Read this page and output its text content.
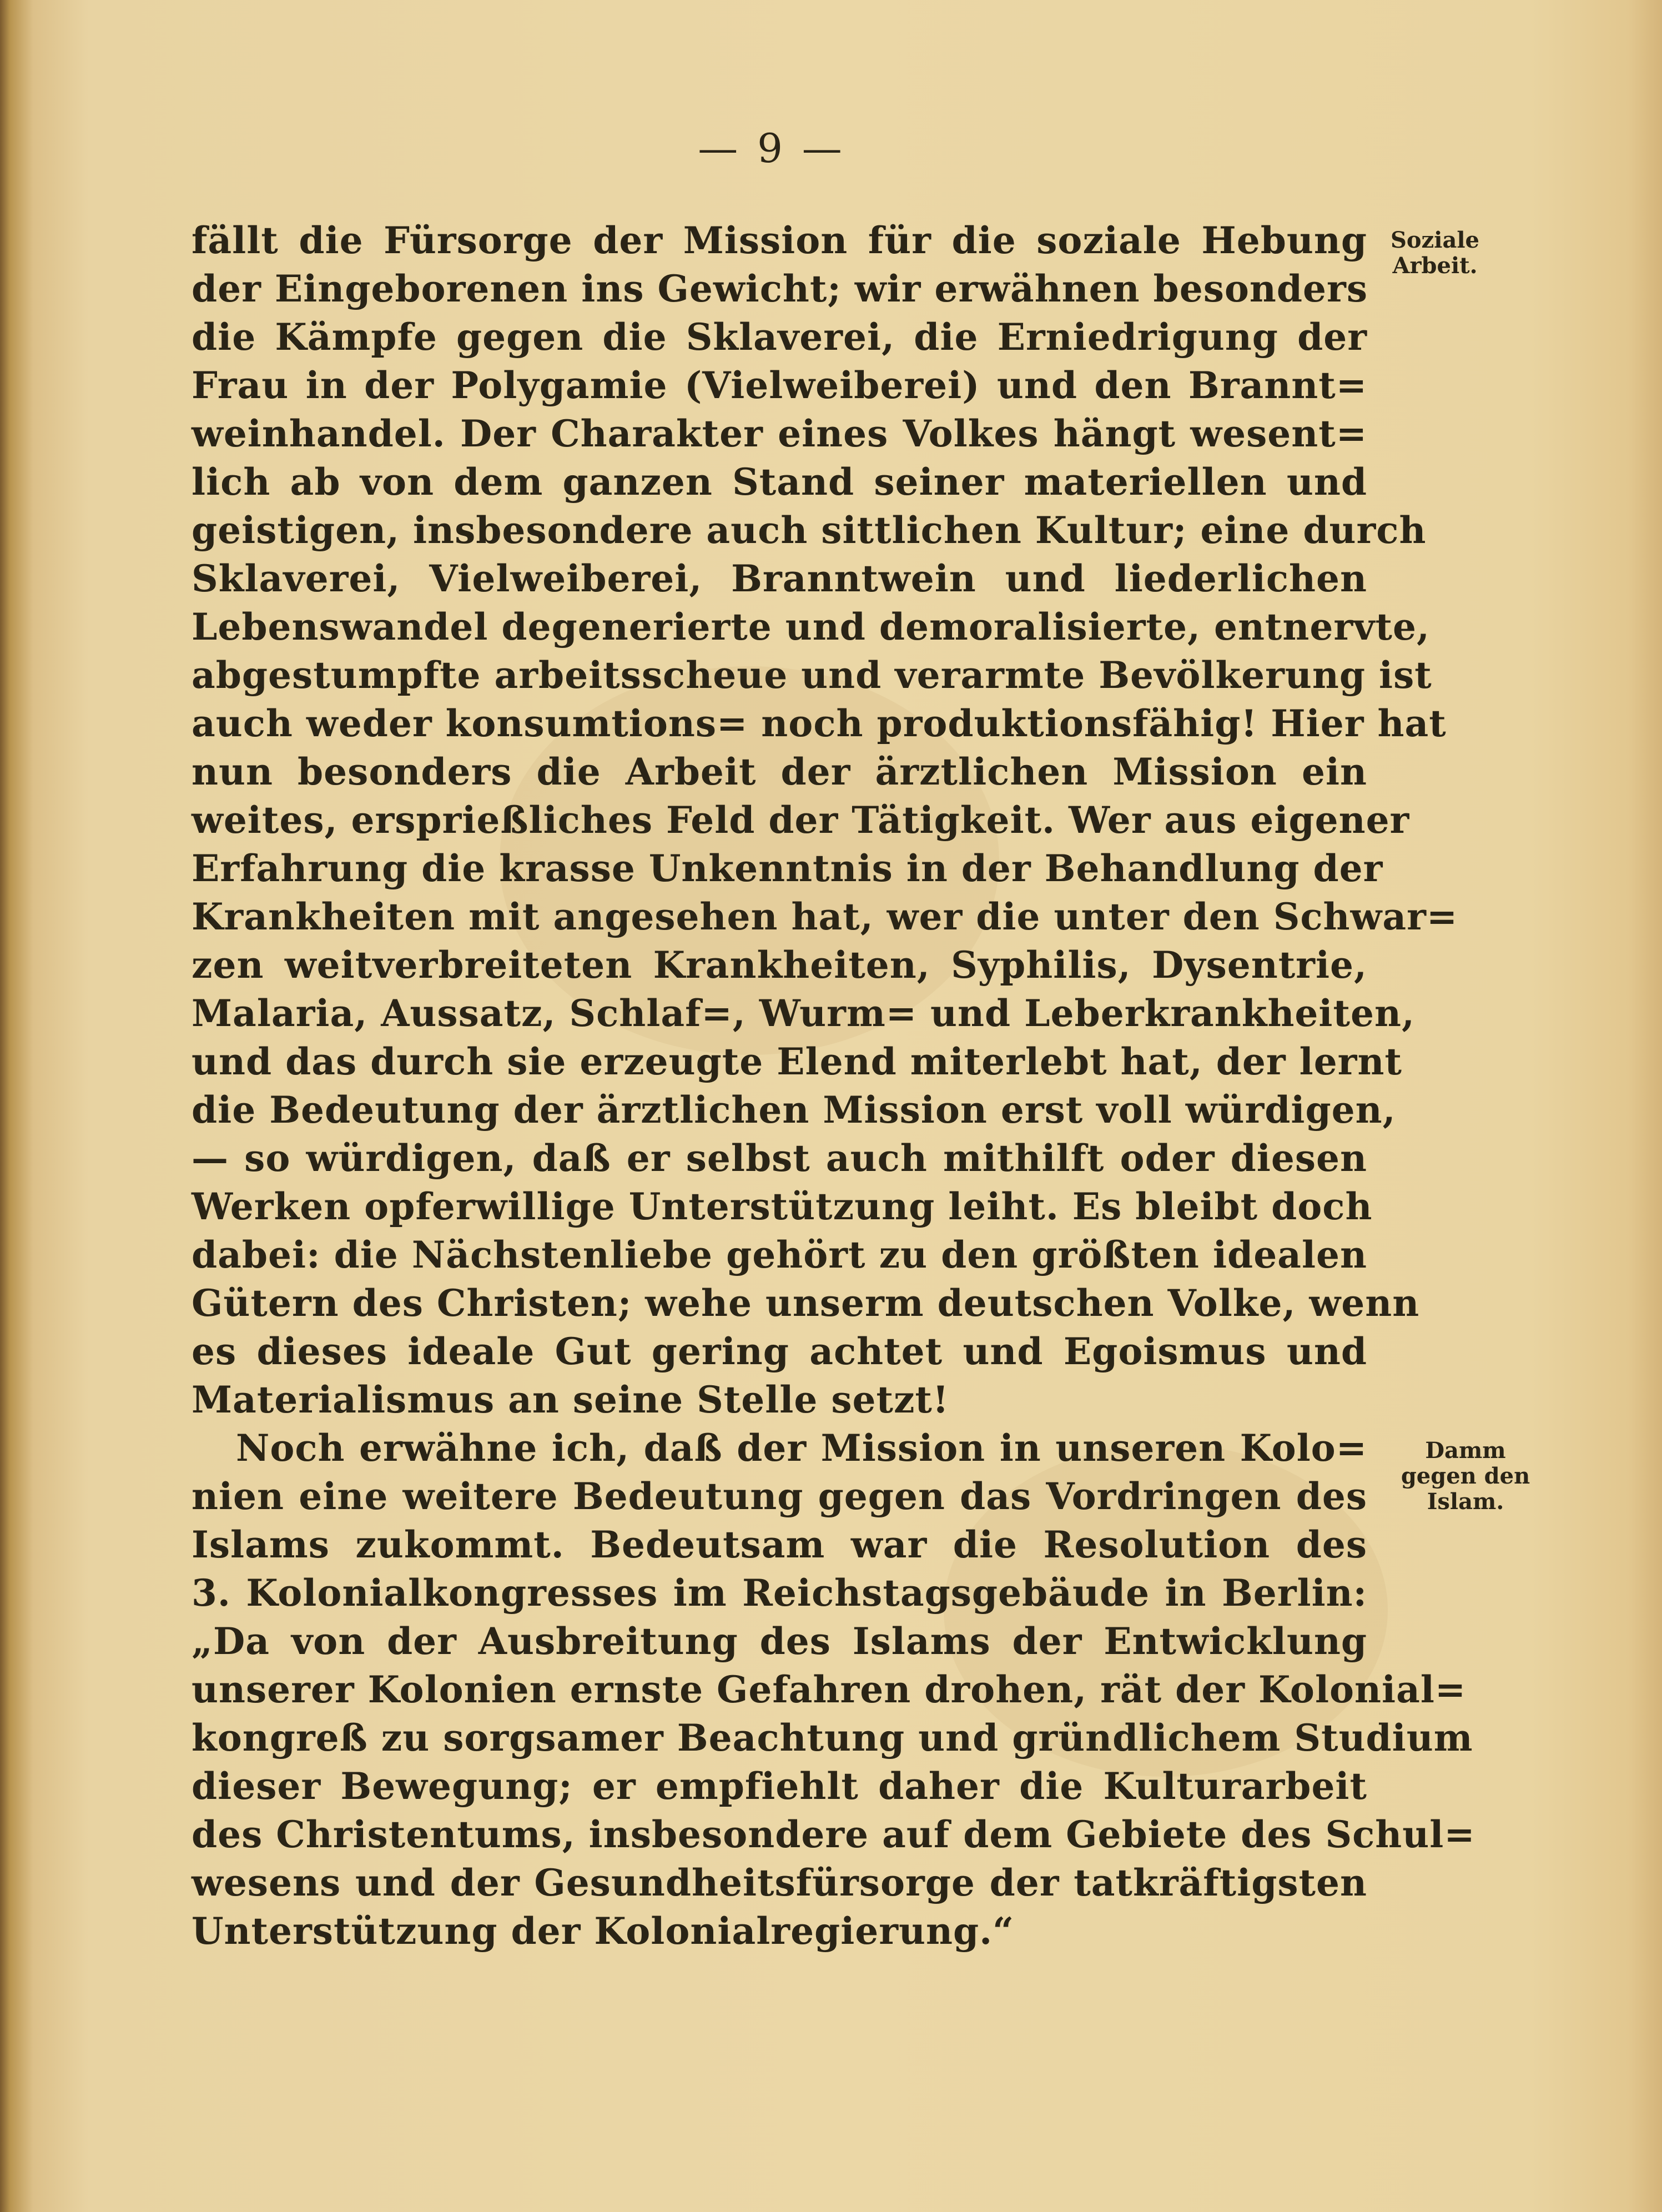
— 9 —
fällt die Fürsorge der Mission für die soziale Hebung
der Eingeborenen ins Gewicht; wir erwähnen besonders
die Kämpfe gegen die Sklaverei, die Erniedrigung der
Frau in der Polygamie (Vielweiberei) und den Brannt=
weinhandel. Der Charakter eines Volkes hängt wesent=
lich ab von dem ganzen Stand seiner materiellen und
geistigen, insbesondere auch sittlichen Kultur; eine durch
Sklaverei, Vielweiberei, Branntwein und liederlichen
Lebenswandel degenerierte und demoralisierte, entnervte,
abgestumpfte arbeitsscheue und verarmte Bevölkerung ist
auch weder konsumtions= noch produktionsfähig! Hier hat
nun besonders die Arbeit der ärztlichen Mission ein
weites, ersprießliches Feld der Tätigkeit. Wer aus eigener
Erfahrung die krasse Unkenntnis in der Behandlung der
Krankheiten mit angesehen hat, wer die unter den Schwar=
zen weitverbreiteten Krankheiten, Syphilis, Dysentrie,
Malaria, Aussatz, Schlaf=, Wurm= und Leberkrankheiten,
und das durch sie erzeugte Elend miterlebt hat, der lernt
die Bedeutung der ärztlichen Mission erst voll würdigen,
— so würdigen, daß er selbst auch mithilft oder diesen
Werken opferwillige Unterstützung leiht. Es bleibt doch
dabei: die Nächstenliebe gehört zu den größten idealen
Gütern des Christen; wehe unserm deutschen Volke, wenn
es dieses ideale Gut gering achtet und Egoismus und
Materialismus an seine Stelle setzt!
Noch erwähne ich, daß der Mission in unseren Kolo=
nien eine weitere Bedeutung gegen das Vordringen des
Islams zukommt. Bedeutsam war die Resolution des
3. Kolonialkongresses im Reichstagsgebäude in Berlin:
„Da von der Ausbreitung des Islams der Entwicklung
unserer Kolonien ernste Gefahren drohen, rät der Kolonial=
kongreß zu sorgsamer Beachtung und gründlichem Studium
dieser Bewegung; er empfiehlt daher die Kulturarbeit
des Christentums, insbesondere auf dem Gebiete des Schul=
wesens und der Gesundheitsfürsorge der tatkräftigsten
Unterstützung der Kolonialregierung.“
Soziale
Arbeit.
Damm
gegen den
Islam.
